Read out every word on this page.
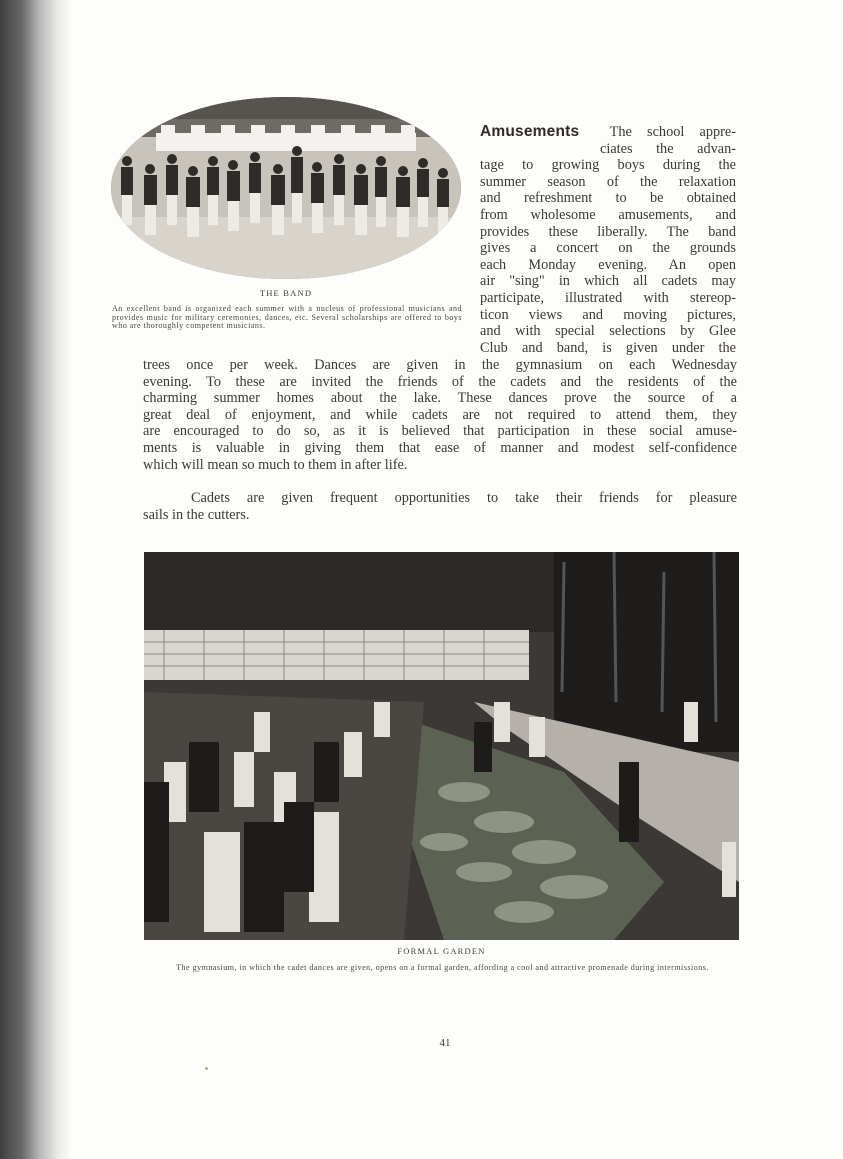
THE BAND
An excellent band is organized each summer with a nucleus of professional musicians and provides music for military ceremonies, dances, etc. Several scholarships are offered to boys who are thoroughly competent musicians.
Amusements The school appre-
ciates the advan-
tage to growing boys during the
summer season of the relaxation
and refreshment to be obtained
from wholesome amusements, and
provides these liberally. The band
gives a concert on the grounds
each Monday evening. An open
air "sing" in which all cadets may
participate, illustrated with stereop-
ticon views and moving pictures,
and with special selections by Glee
Club and band, is given under the
trees once per week. Dances are given in the gymnasium on each Wednesday
evening. To these are invited the friends of the cadets and the residents of the
charming summer homes about the lake. These dances prove the source of a
great deal of enjoyment, and while cadets are not required to attend them, they
are encouraged to do so, as it is believed that participation in these social amuse-
ments is valuable in giving them that ease of manner and modest self-confidence
which will mean so much to them in after life.
Cadets are given frequent opportunities to take their friends for pleasure
sails in the cutters.
FORMAL GARDEN
The gymnasium, in which the cadet dances are given, opens on a formal garden, affording a cool and attractive promenade during intermissions.
41
